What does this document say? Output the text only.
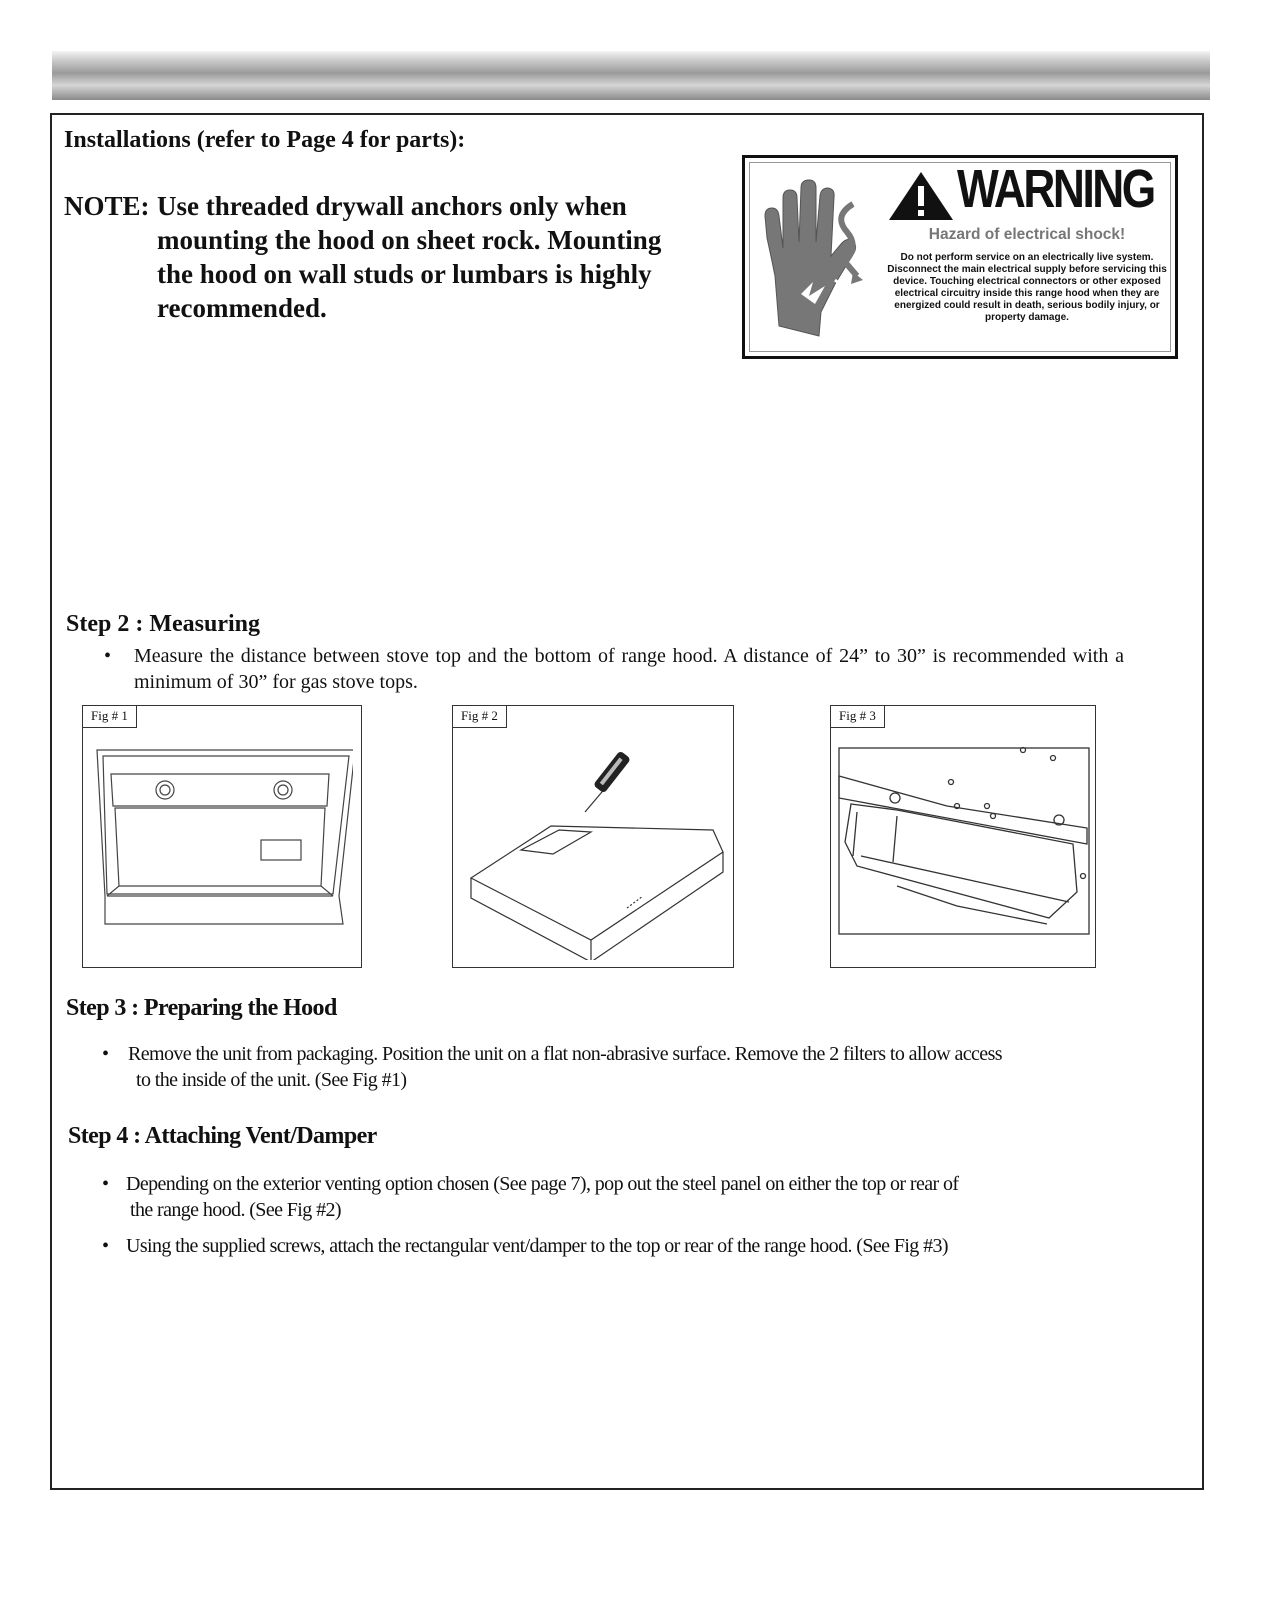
Installations (refer to Page 4 for parts):
NOTE: Use threaded drywall anchors only when mounting the hood on sheet rock. Mounting the hood on wall studs or lumbars is highly recommended.
WARNING
Hazard of electrical shock!
Do not perform service on an electrically live system. Disconnect the main electrical supply before servicing this device. Touching electrical connectors or other exposed electrical circuitry inside this range hood when they are energized could result in death, serious bodily injury, or property damage.
Step 2 : Measuring
• Measure the distance between stove top and the bottom of range hood. A distance of 24” to 30” is recommended with a minimum of 30” for gas stove tops.
Fig # 1	Fig # 2	Fig # 3
Step 3 : Preparing the Hood
• Remove the unit from packaging. Position the unit on a flat non-abrasive surface. Remove the 2 filters to allow access
to the inside of the unit. (See Fig #1)
Step 4 : Attaching Vent/Damper
• Depending on the exterior venting option chosen (See page 7), pop out the steel panel on either the top or rear of
the range hood. (See Fig #2)
• Using the supplied screws, attach the rectangular vent/damper to the top or rear of the range hood. (See Fig #3)
